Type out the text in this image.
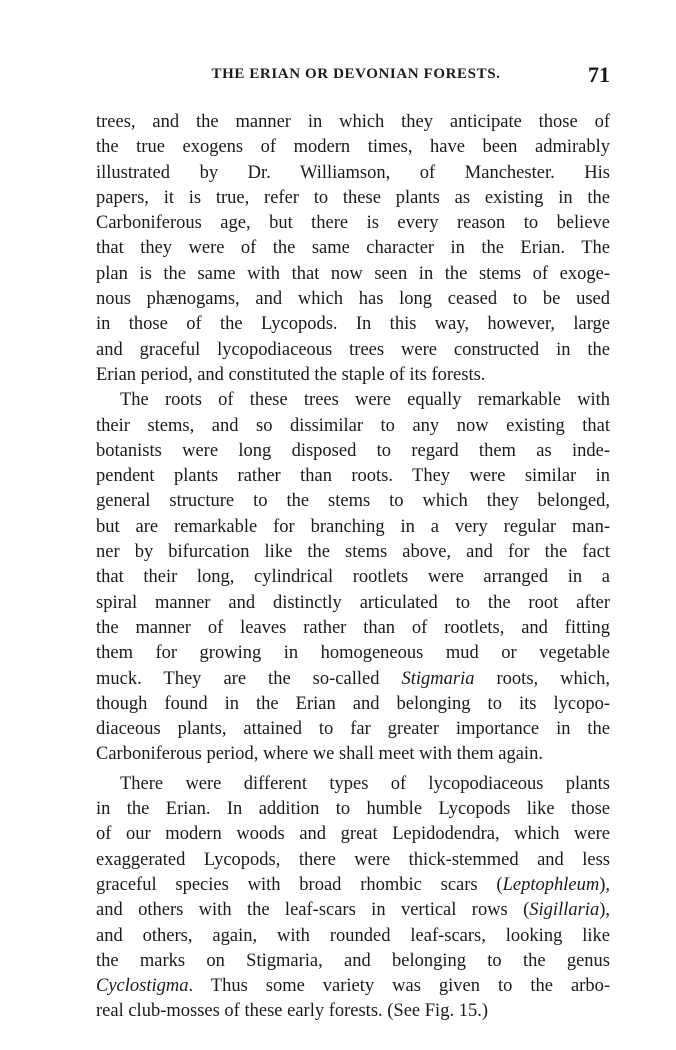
THE ERIAN OR DEVONIAN FORESTS.	71
trees, and the manner in which they anticipate those of
the true exogens of modern times, have been admirably
illustrated by Dr. Williamson, of Manchester. His
papers, it is true, refer to these plants as existing in the
Carboniferous age, but there is every reason to believe
that they were of the same character in the Erian. The
plan is the same with that now seen in the stems of exoge-
nous phænogams, and which has long ceased to be used
in those of the Lycopods. In this way, however, large
and graceful lycopodiaceous trees were constructed in the
Erian period, and constituted the staple of its forests.
The roots of these trees were equally remarkable with
their stems, and so dissimilar to any now existing that
botanists were long disposed to regard them as inde-
pendent plants rather than roots. They were similar in
general structure to the stems to which they belonged,
but are remarkable for branching in a very regular man-
ner by bifurcation like the stems above, and for the fact
that their long, cylindrical rootlets were arranged in a
spiral manner and distinctly articulated to the root after
the manner of leaves rather than of rootlets, and fitting
them for growing in homogeneous mud or vegetable
muck. They are the so-called Stigmaria roots, which,
though found in the Erian and belonging to its lycopo-
diaceous plants, attained to far greater importance in the
Carboniferous period, where we shall meet with them again.
There were different types of lycopodiaceous plants
in the Erian. In addition to humble Lycopods like those
of our modern woods and great Lepidodendra, which were
exaggerated Lycopods, there were thick-stemmed and less
graceful species with broad rhombic scars (Leptophleum),
and others with the leaf-scars in vertical rows (Sigillaria),
and others, again, with rounded leaf-scars, looking like
the marks on Stigmaria, and belonging to the genus
Cyclostigma. Thus some variety was given to the arbo-
real club-mosses of these early forests. (See Fig. 15.)
